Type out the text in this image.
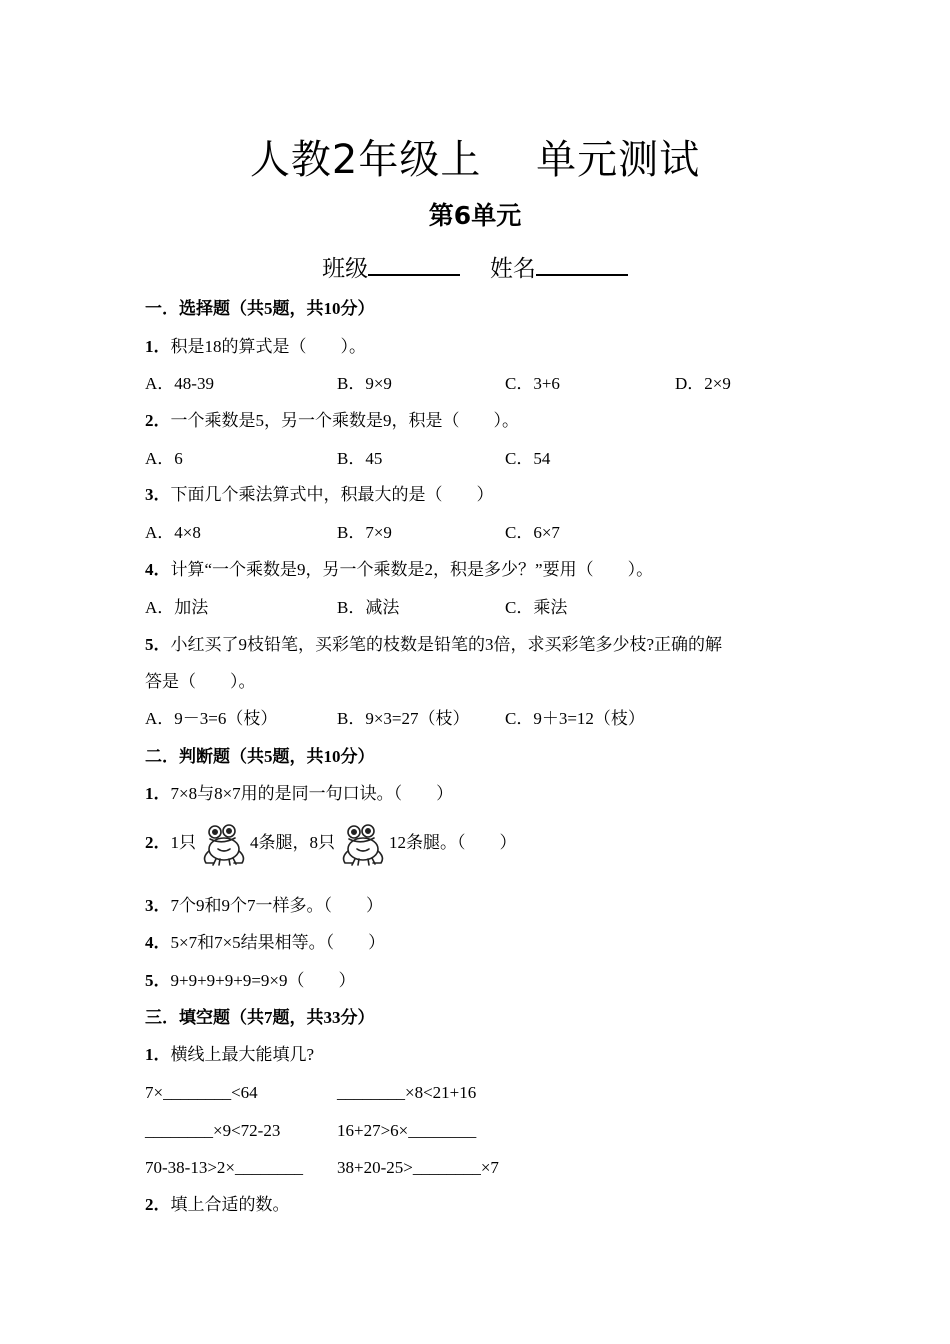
人教2年级上　 单元测试
第6单元
班级	姓名
一．选择题（共5题，共10分）
1．积是18的算式是（　　）。
A．48-39	B．9×9	C．3+6	D．2×9
2．一个乘数是5，另一个乘数是9，积是（　　）。
A．6	B．45	C．54
3．下面几个乘法算式中，积最大的是（　　）
A．4×8	B．7×9	C．6×7
4．计算“一个乘数是9，另一个乘数是2，积是多少？”要用（　　）。
A．加法	B．减法	C．乘法
5．小红买了9枝铅笔，买彩笔的枝数是铅笔的3倍，求买彩笔多少枝?正确的解
答是（　　）。
A．9－3=6（枝）	B．9×3=27（枝） C．9＋3=12（枝）
二．判断题（共5题，共10分）
1．7×8与8×7用的是同一句口诀。（　　）
2．1只	4条腿，8只	12条腿。（　　）
3．7个9和9个7一样多。（　　）
4．5×7和7×5结果相等。（　　）
5．9+9+9+9+9=9×9（　　）
三．填空题（共7题，共33分）
1．横线上最大能填几?
7×________<64	________×8<21+16
________×9<72-23	16+27>6×________
70-38-13>2×________ 38+20-25>________×7
2．填上合适的数。
